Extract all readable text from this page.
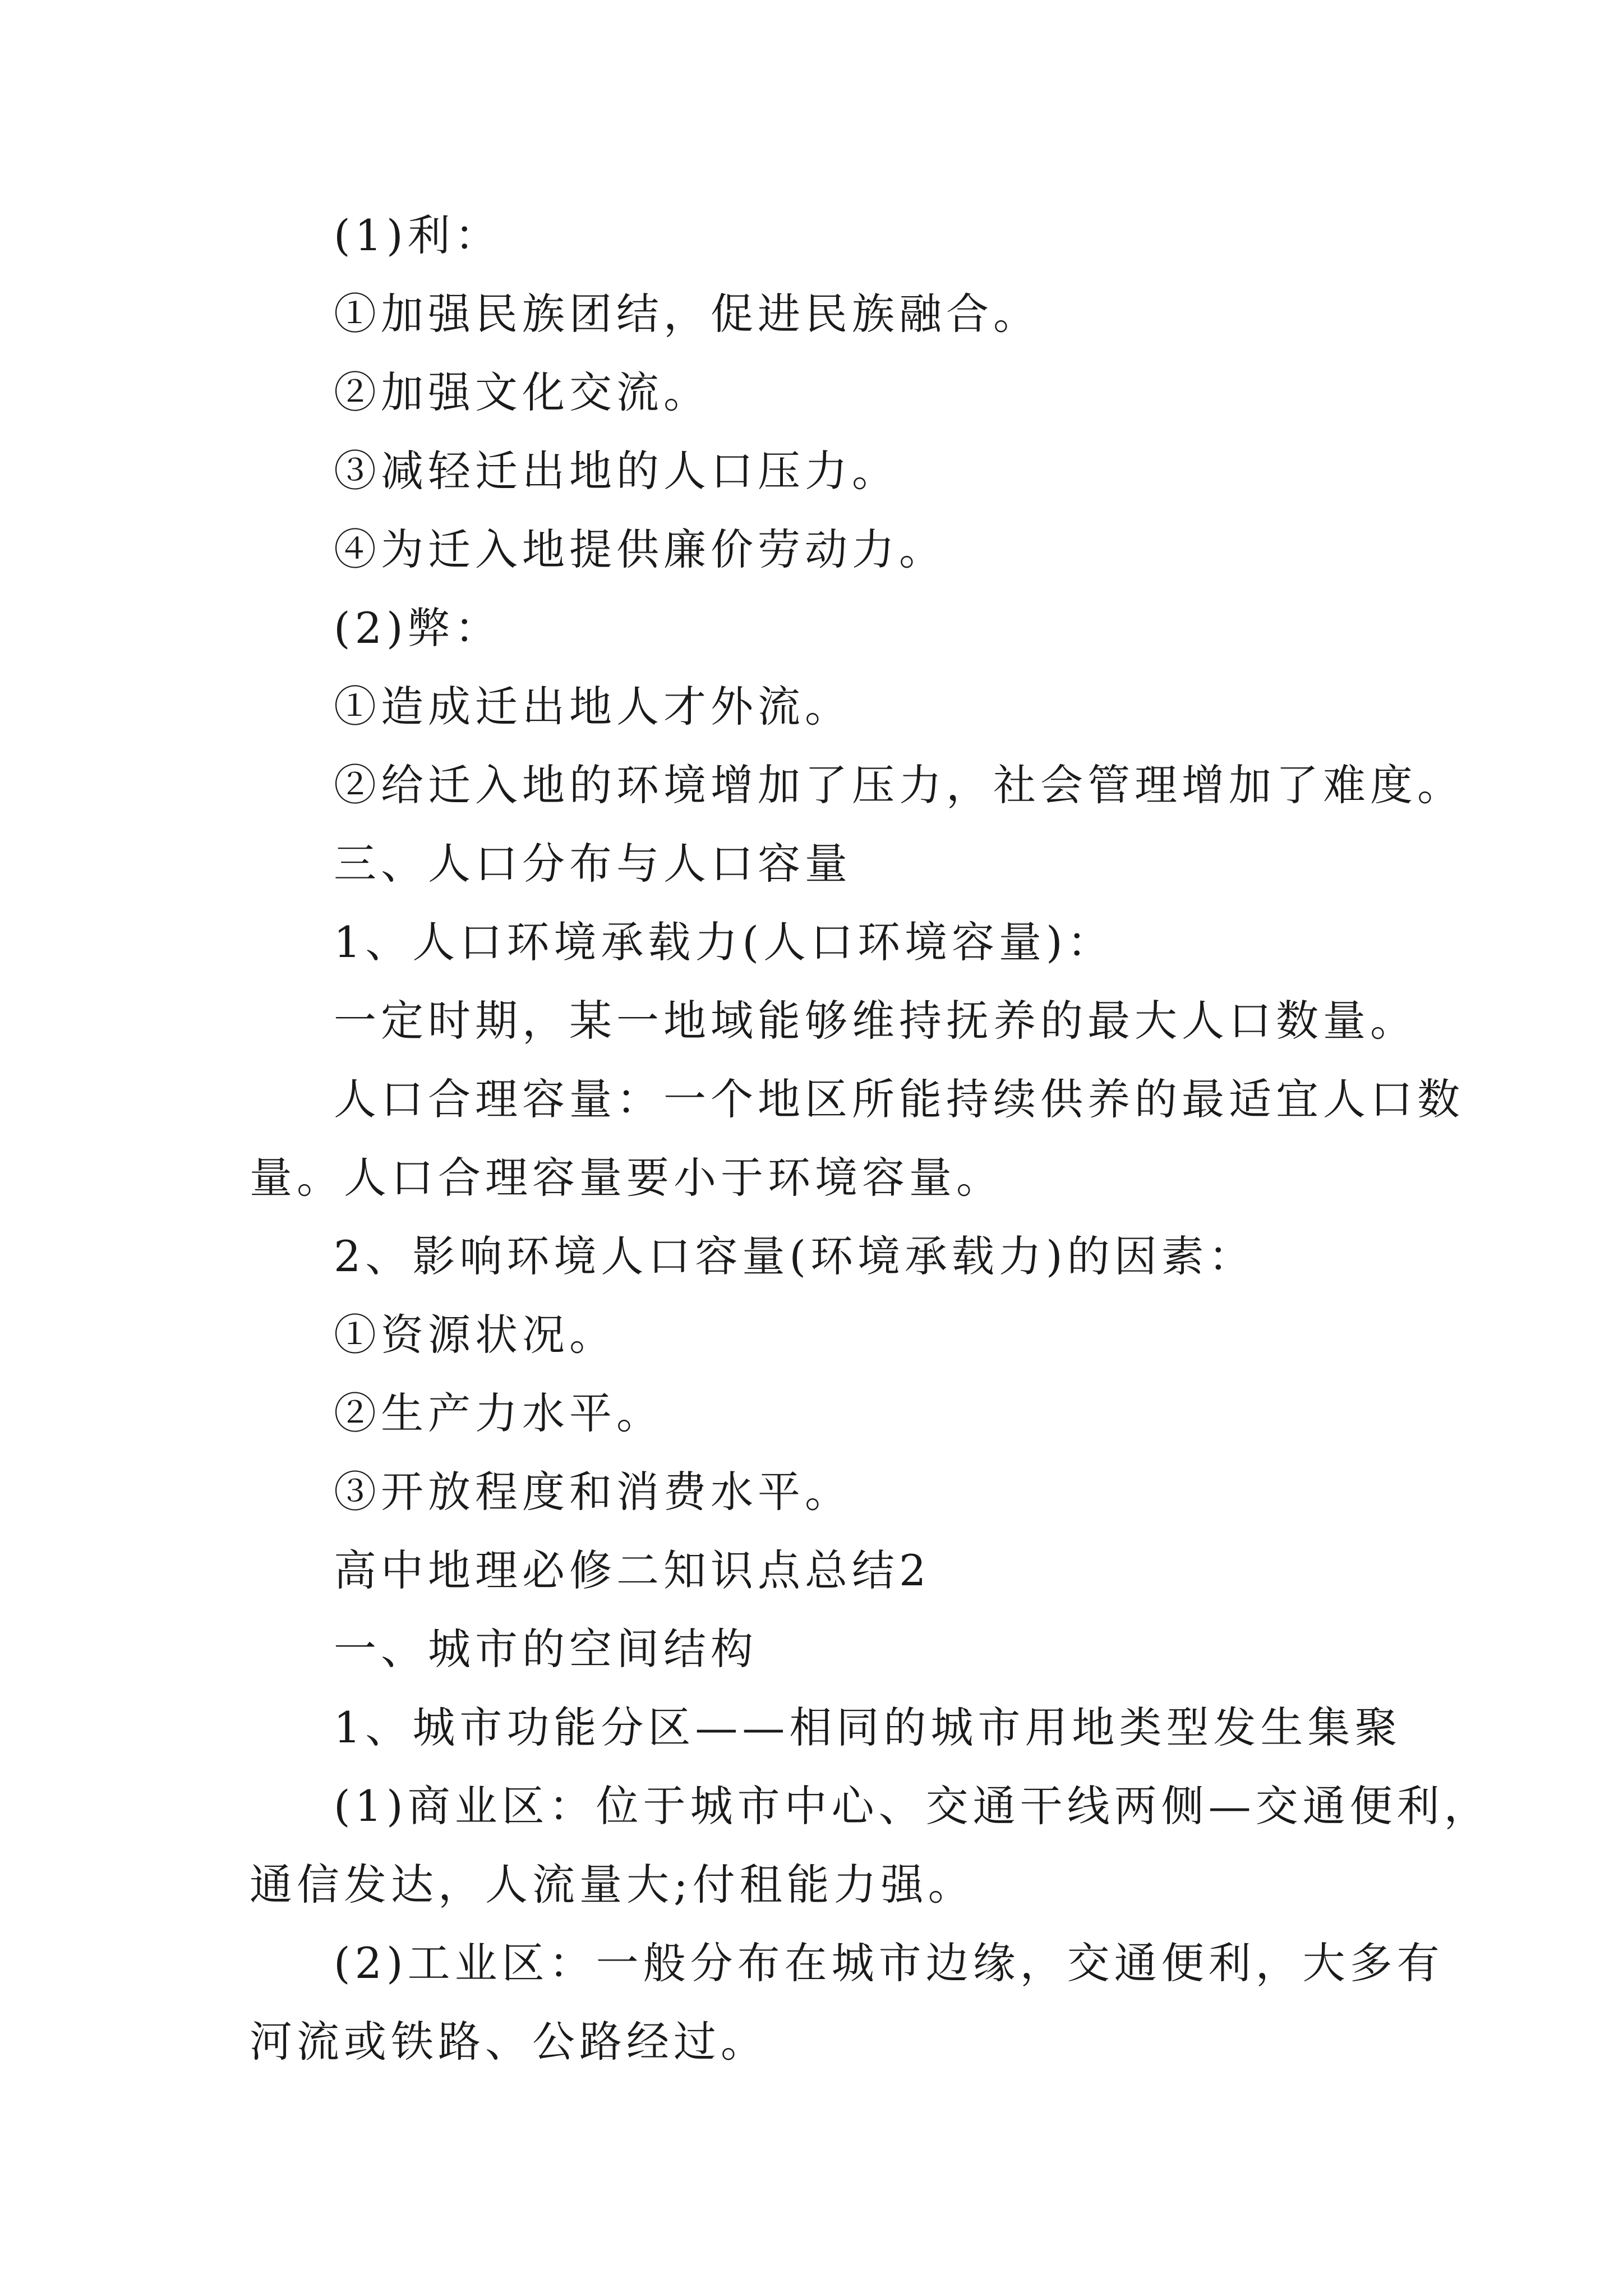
(1)利：

①加强民族团结，促进民族融合。

②加强文化交流。

③减轻迁出地的人口压力。

④为迁入地提供廉价劳动力。

(2)弊：

①造成迁出地人才外流。

②给迁入地的环境增加了压力，社会管理增加了难度。

三、人口分布与人口容量

1、人口环境承载力(人口环境容量)：

一定时期，某一地域能够维持抚养的最大人口数量。

人口合理容量：一个地区所能持续供养的最适宜人口数

量。人口合理容量要小于环境容量。

2、影响环境人口容量(环境承载力)的因素：

①资源状况。

②生产力水平。

③开放程度和消费水平。

高中地理必修二知识点总结2

一、城市的空间结构

1、城市功能分区——相同的城市用地类型发生集聚

(1)商业区：位于城市中心、交通干线两侧—交通便利，

通信发达，人流量大;付租能力强。

(2)工业区：一般分布在城市边缘，交通便利，大多有

河流或铁路、公路经过。
